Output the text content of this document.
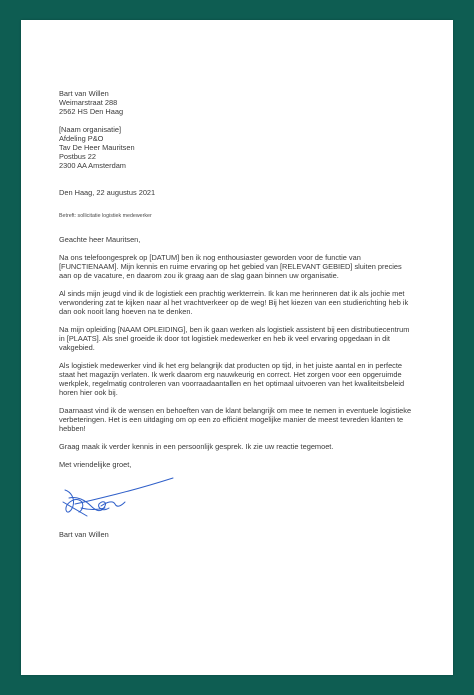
Bart van Willen
Weimarstraat 288
2562 HS Den Haag
[Naam organisatie]
Afdeling P&O
Tav De Heer Mauritsen
Postbus 22
2300 AA Amsterdam
Den Haag, 22 augustus 2021
Betreft: sollicitatie logistiek medewerker
Geachte heer Mauritsen,
Na ons telefoongesprek op [DATUM] ben ik nog enthousiaster geworden voor de functie van
[FUNCTIENAAM]. Mijn kennis en ruime ervaring op het gebied van [RELEVANT GEBIED] sluiten precies
aan op de vacature, en daarom zou ik graag aan de slag gaan binnen uw organisatie.
Al sinds mijn jeugd vind ik de logistiek een prachtig werkterrein. Ik kan me herinneren dat ik als jochie met
verwondering zat te kijken naar al het vrachtverkeer op de weg! Bij het kiezen van een studierichting heb ik
dan ook nooit lang hoeven na te denken.
Na mijn opleiding [NAAM OPLEIDING], ben ik gaan werken als logistiek assistent bij een distributiecentrum
in [PLAATS]. Als snel groeide ik door tot logistiek medewerker en heb ik veel ervaring opgedaan in dit
vakgebied.
Als logistiek medewerker vind ik het erg belangrijk dat producten op tijd, in het juiste aantal en in perfecte
staat het magazijn verlaten. Ik werk daarom erg nauwkeurig en correct. Het zorgen voor een opgeruimde
werkplek, regelmatig controleren van voorraadaantallen en het optimaal uitvoeren van het kwaliteitsbeleid
horen hier ook bij.
Daarnaast vind ik de wensen en behoeften van de klant belangrijk om mee te nemen in eventuele logistieke
verbeteringen. Het is een uitdaging om op een zo efficiënt mogelijke manier de meest tevreden klanten te
hebben!
Graag maak ik verder kennis in een persoonlijk gesprek. Ik zie uw reactie tegemoet.
Met vriendelijke groet,
Bart van Willen
